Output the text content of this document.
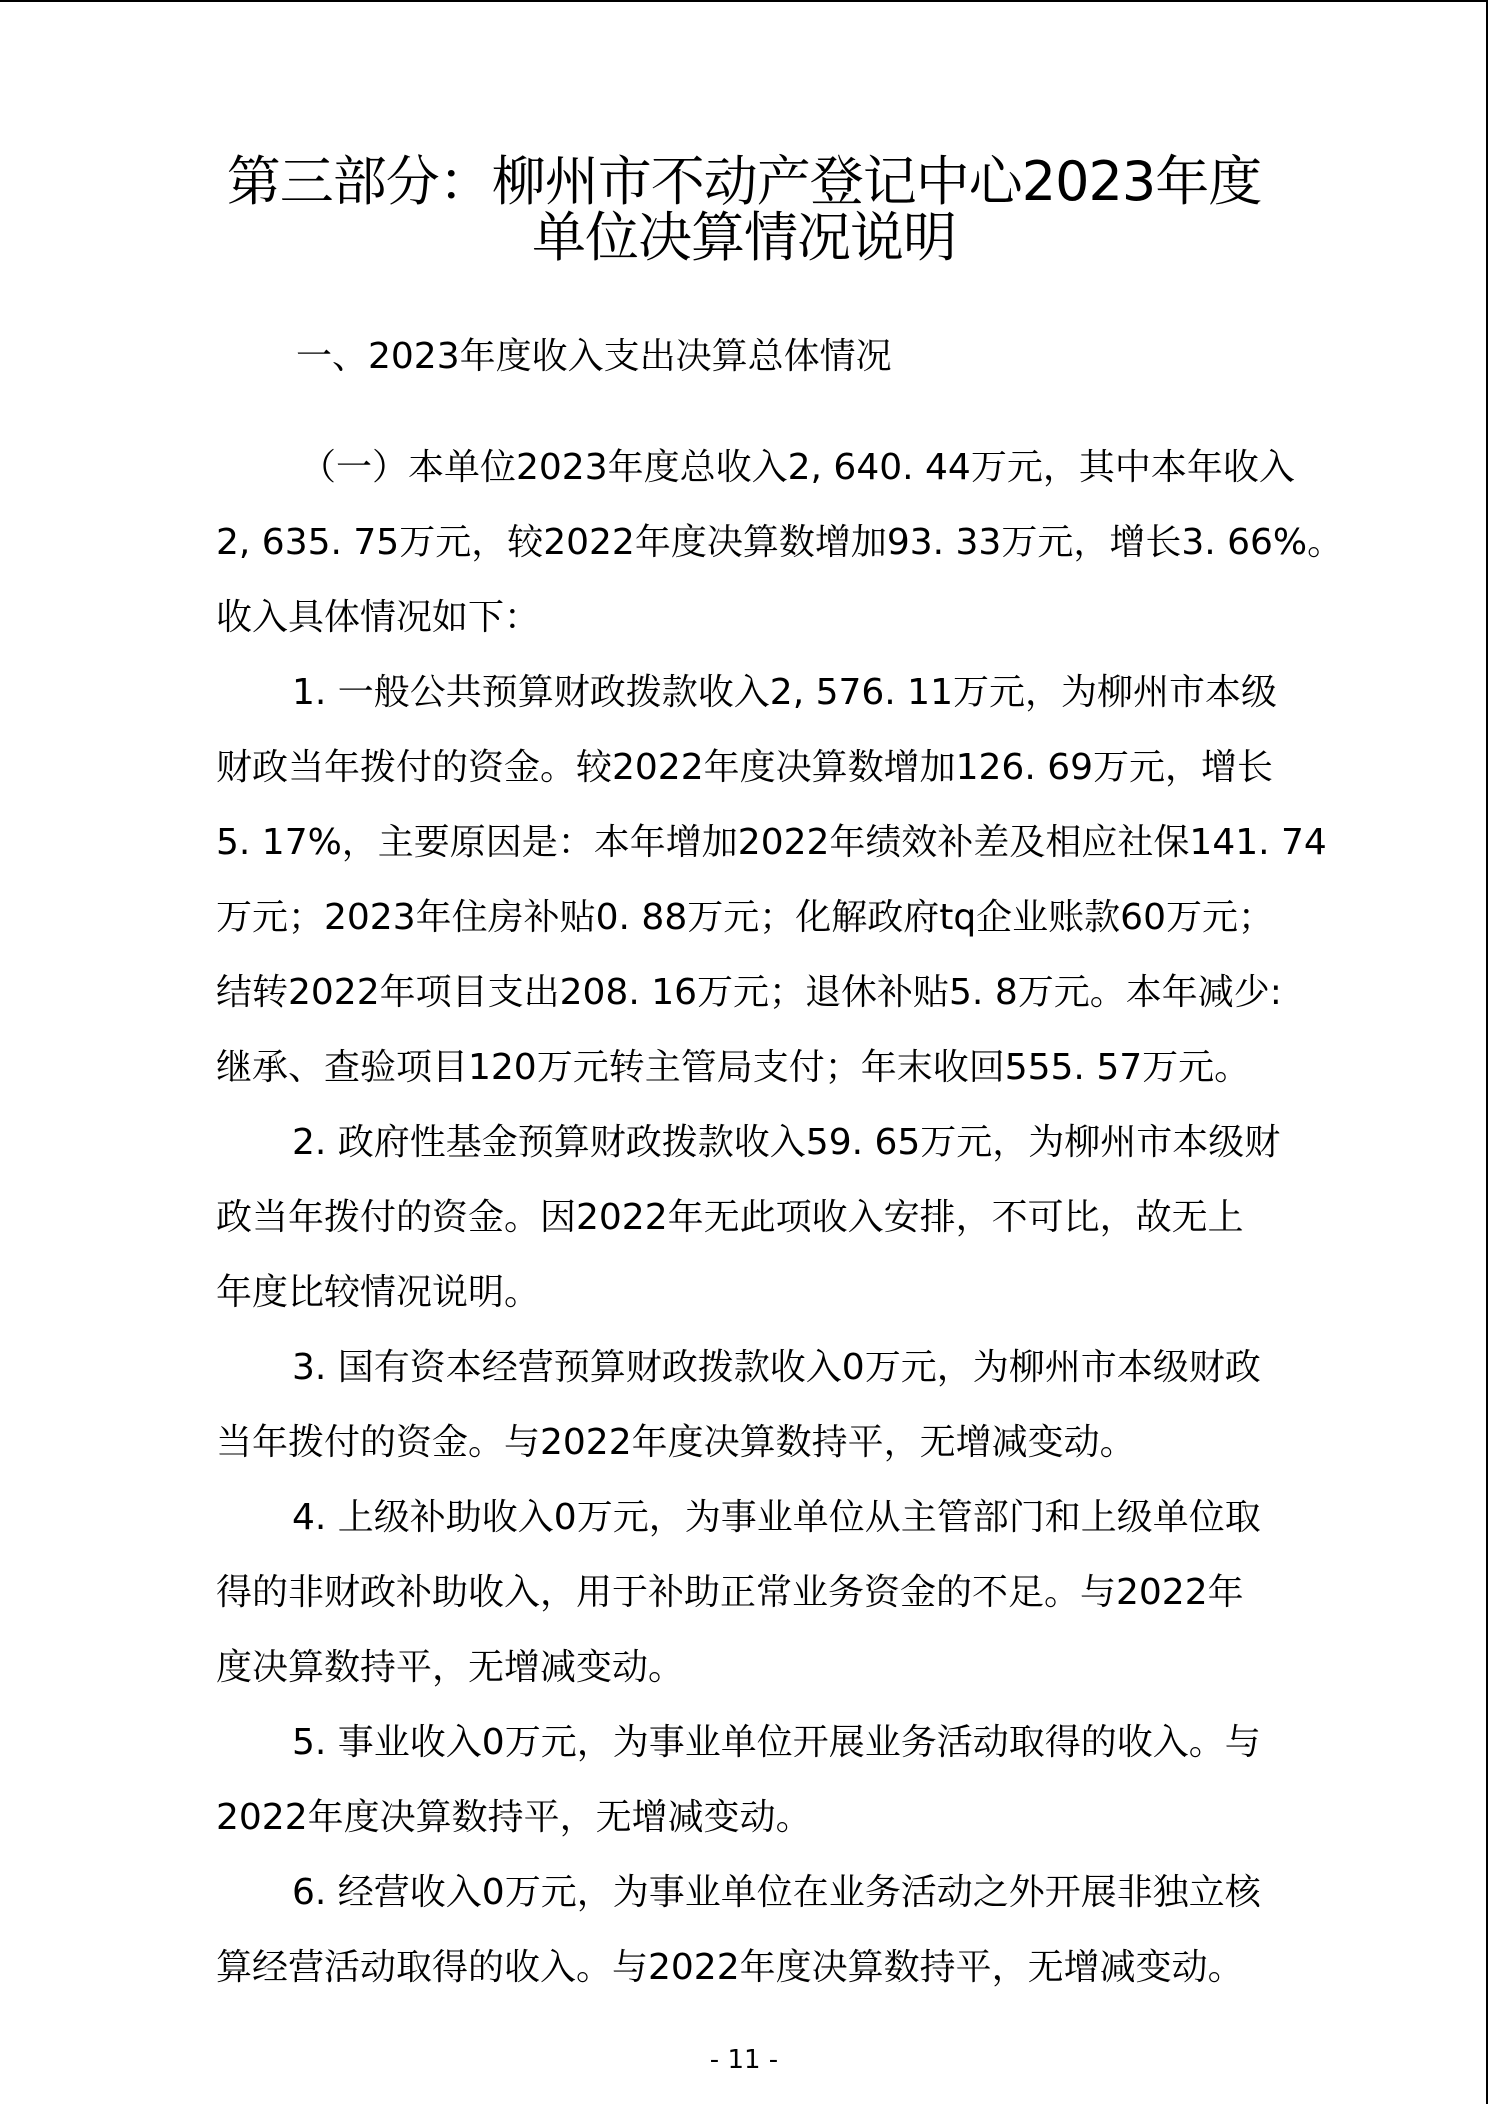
第三部分：柳州市不动产登记中心2023年度
单位决算情况说明
一、2023年度收入支出决算总体情况
（一）本单位2023年度总收入2, 640. 44万元，其中本年收入
2, 635. 75万元，较2022年度决算数增加93. 33万元，增长3. 66%。
收入具体情况如下：
1. 一般公共预算财政拨款收入2, 576. 11万元，为柳州市本级
财政当年拨付的资金。较2022年度决算数增加126. 69万元，增长
5. 17%，主要原因是：本年增加2022年绩效补差及相应社保141. 74
万元；2023年住房补贴0. 88万元；化解政府tq企业账款60万元；
结转2022年项目支出208. 16万元；退休补贴5. 8万元。本年减少:
继承、查验项目120万元转主管局支付；年末收回555. 57万元。
2. 政府性基金预算财政拨款收入59. 65万元，为柳州市本级财
政当年拨付的资金。因2022年无此项收入安排，不可比，故无上
年度比较情况说明。
3. 国有资本经营预算财政拨款收入0万元，为柳州市本级财政
当年拨付的资金。与2022年度决算数持平，无增减变动。
4. 上级补助收入0万元，为事业单位从主管部门和上级单位取
得的非财政补助收入，用于补助正常业务资金的不足。与2022年
度决算数持平，无增减变动。
5. 事业收入0万元，为事业单位开展业务活动取得的收入。与
2022年度决算数持平，无增减变动。
6. 经营收入0万元，为事业单位在业务活动之外开展非独立核
算经营活动取得的收入。与2022年度决算数持平，无增减变动。
- 11 -
